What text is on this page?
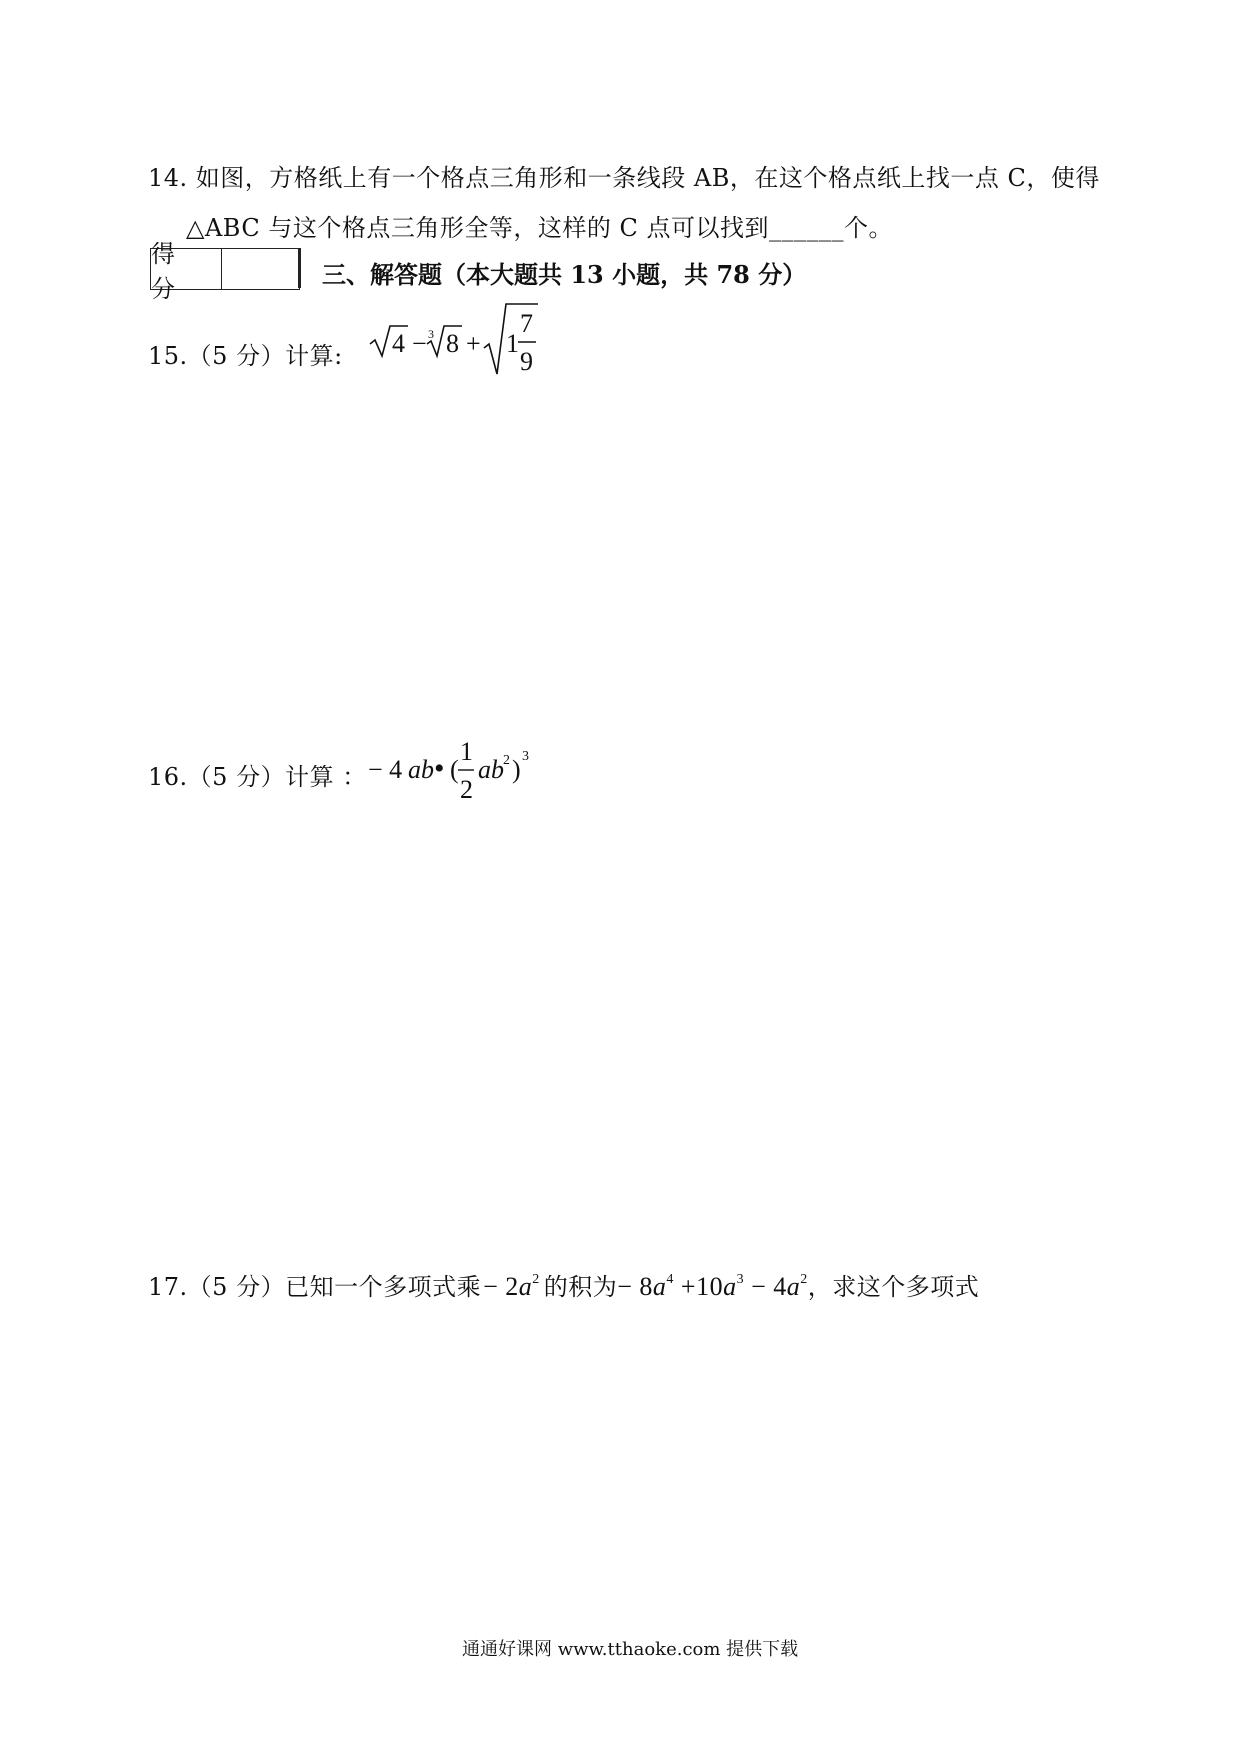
14. 如图，方格纸上有一个格点三角形和一条线段 AB，在这个格点纸上找一点 C，使得
△ABC 与这个格点三角形全等，这样的 C 点可以找到______个。
得 分	三、解答题（本大题共 13 小题，共 78 分）
15.（5 分）计算: 4 − 3 8 + 1
7
9
16.（5 分）计算 ： − 4 ab • (
1
2
ab 2 ) 3
17.（5 分）已知一个多项式乘 − $2a^2$ 的积为 − $8a^4 +10a^3 - 4a^2$ ，求这个多项式
通通好课网 www.tthaoke.com 提供下载
